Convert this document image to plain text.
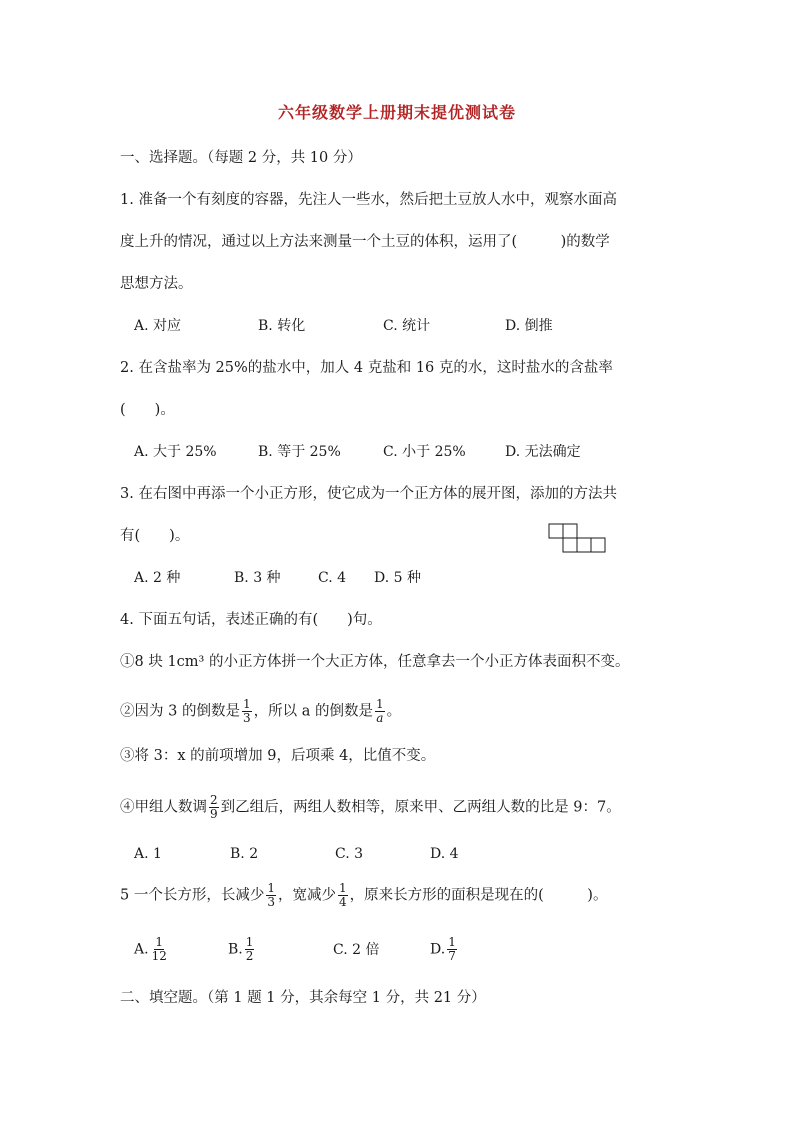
六年级数学上册期末提优测试卷
一、选择题。（每题 2 分，共 10 分）
1. 准备一个有刻度的容器，先注人一些水，然后把土豆放人水中，观察水面高
度上升的情况，通过以上方法来测量一个土豆的体积，运用了(　　　)的数学
思想方法。
A. 对应	B. 转化	C. 统计	D. 倒推
2. 在含盐率为 25%的盐水中，加人 4 克盐和 16 克的水，这时盐水的含盐率
(　　)。
A. 大于 25%	B. 等于 25%	C. 小于 25%	D. 无法确定
3. 在右图中再添一个小正方形，使它成为一个正方体的展开图，添加的方法共
有(　　)。
A. 2 种	B. 3 种	C. 4 D. 5 种
4. 下面五句话，表述正确的有(　　)句。
①8 块 1cm³ 的小正方体拼一个大正方体，任意拿去一个小正方体表面积不变。
②因为 3 的倒数是 $\frac{1}{3}$ ，所以 a 的倒数是 $\frac{1}{a}$ 。
③将 3：x 的前项增加 9，后项乘 4，比值不变。
④甲组人数调 $\frac{2}{9}$ 到乙组后，两组人数相等，原来甲、乙两组人数的比是 9：7。
A. 1	B. 2	C. 3	D. 4
5 一个长方形，长减少 $\frac{1}{3}$ ，宽减少 $\frac{1}{4}$ ，原来长方形的面积是现在的(　　　)。
A. $\frac{1}{12}$	B. $\frac{1}{2}$	C. 2 倍	D. $\frac{1}{7}$
二、填空题。（第 1 题 1 分，其余每空 1 分，共 21 分）
